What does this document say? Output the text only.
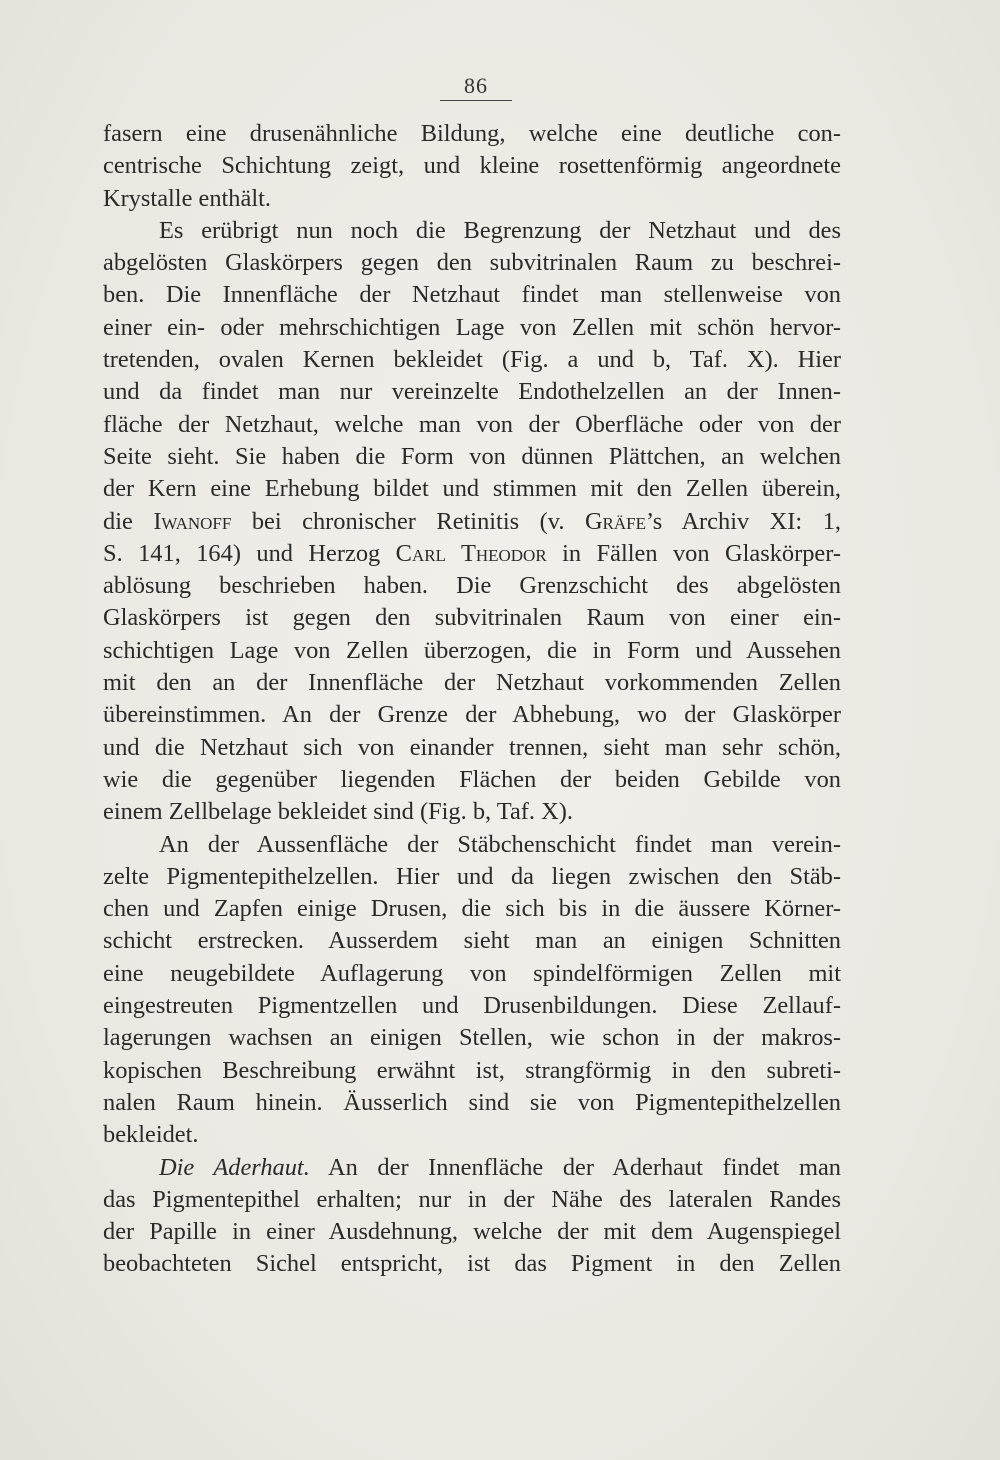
86
fasern eine drusenähnliche Bildung, welche eine deutliche con-
centrische Schichtung zeigt, und kleine rosettenförmig angeordnete
Krystalle enthält.
Es erübrigt nun noch die Begrenzung der Netzhaut und des
abgelösten Glaskörpers gegen den subvitrinalen Raum zu beschrei-
ben. Die Innenfläche der Netzhaut findet man stellenweise von
einer ein- oder mehrschichtigen Lage von Zellen mit schön hervor-
tretenden, ovalen Kernen bekleidet (Fig. a und b, Taf. X). Hier
und da findet man nur vereinzelte Endothelzellen an der Innen-
fläche der Netzhaut, welche man von der Oberfläche oder von der
Seite sieht. Sie haben die Form von dünnen Plättchen, an welchen
der Kern eine Erhebung bildet und stimmen mit den Zellen überein,
die Iwanoff bei chronischer Retinitis (v. Gräfe’s Archiv XI: 1,
S. 141, 164) und Herzog Carl Theodor in Fällen von Glaskörper-
ablösung beschrieben haben. Die Grenzschicht des abgelösten
Glaskörpers ist gegen den subvitrinalen Raum von einer ein-
schichtigen Lage von Zellen überzogen, die in Form und Aussehen
mit den an der Innenfläche der Netzhaut vorkommenden Zellen
übereinstimmen. An der Grenze der Abhebung, wo der Glaskörper
und die Netzhaut sich von einander trennen, sieht man sehr schön,
wie die gegenüber liegenden Flächen der beiden Gebilde von
einem Zellbelage bekleidet sind (Fig. b, Taf. X).
An der Aussenfläche der Stäbchenschicht findet man verein-
zelte Pigmentepithelzellen. Hier und da liegen zwischen den Stäb-
chen und Zapfen einige Drusen, die sich bis in die äussere Körner-
schicht erstrecken. Ausserdem sieht man an einigen Schnitten
eine neugebildete Auflagerung von spindelförmigen Zellen mit
eingestreuten Pigmentzellen und Drusenbildungen. Diese Zellauf-
lagerungen wachsen an einigen Stellen, wie schon in der makros-
kopischen Beschreibung erwähnt ist, strangförmig in den subreti-
nalen Raum hinein. Äusserlich sind sie von Pigmentepithelzellen
bekleidet.
Die Aderhaut. An der Innenfläche der Aderhaut findet man
das Pigmentepithel erhalten; nur in der Nähe des lateralen Randes
der Papille in einer Ausdehnung, welche der mit dem Augenspiegel
beobachteten Sichel entspricht, ist das Pigment in den Zellen
